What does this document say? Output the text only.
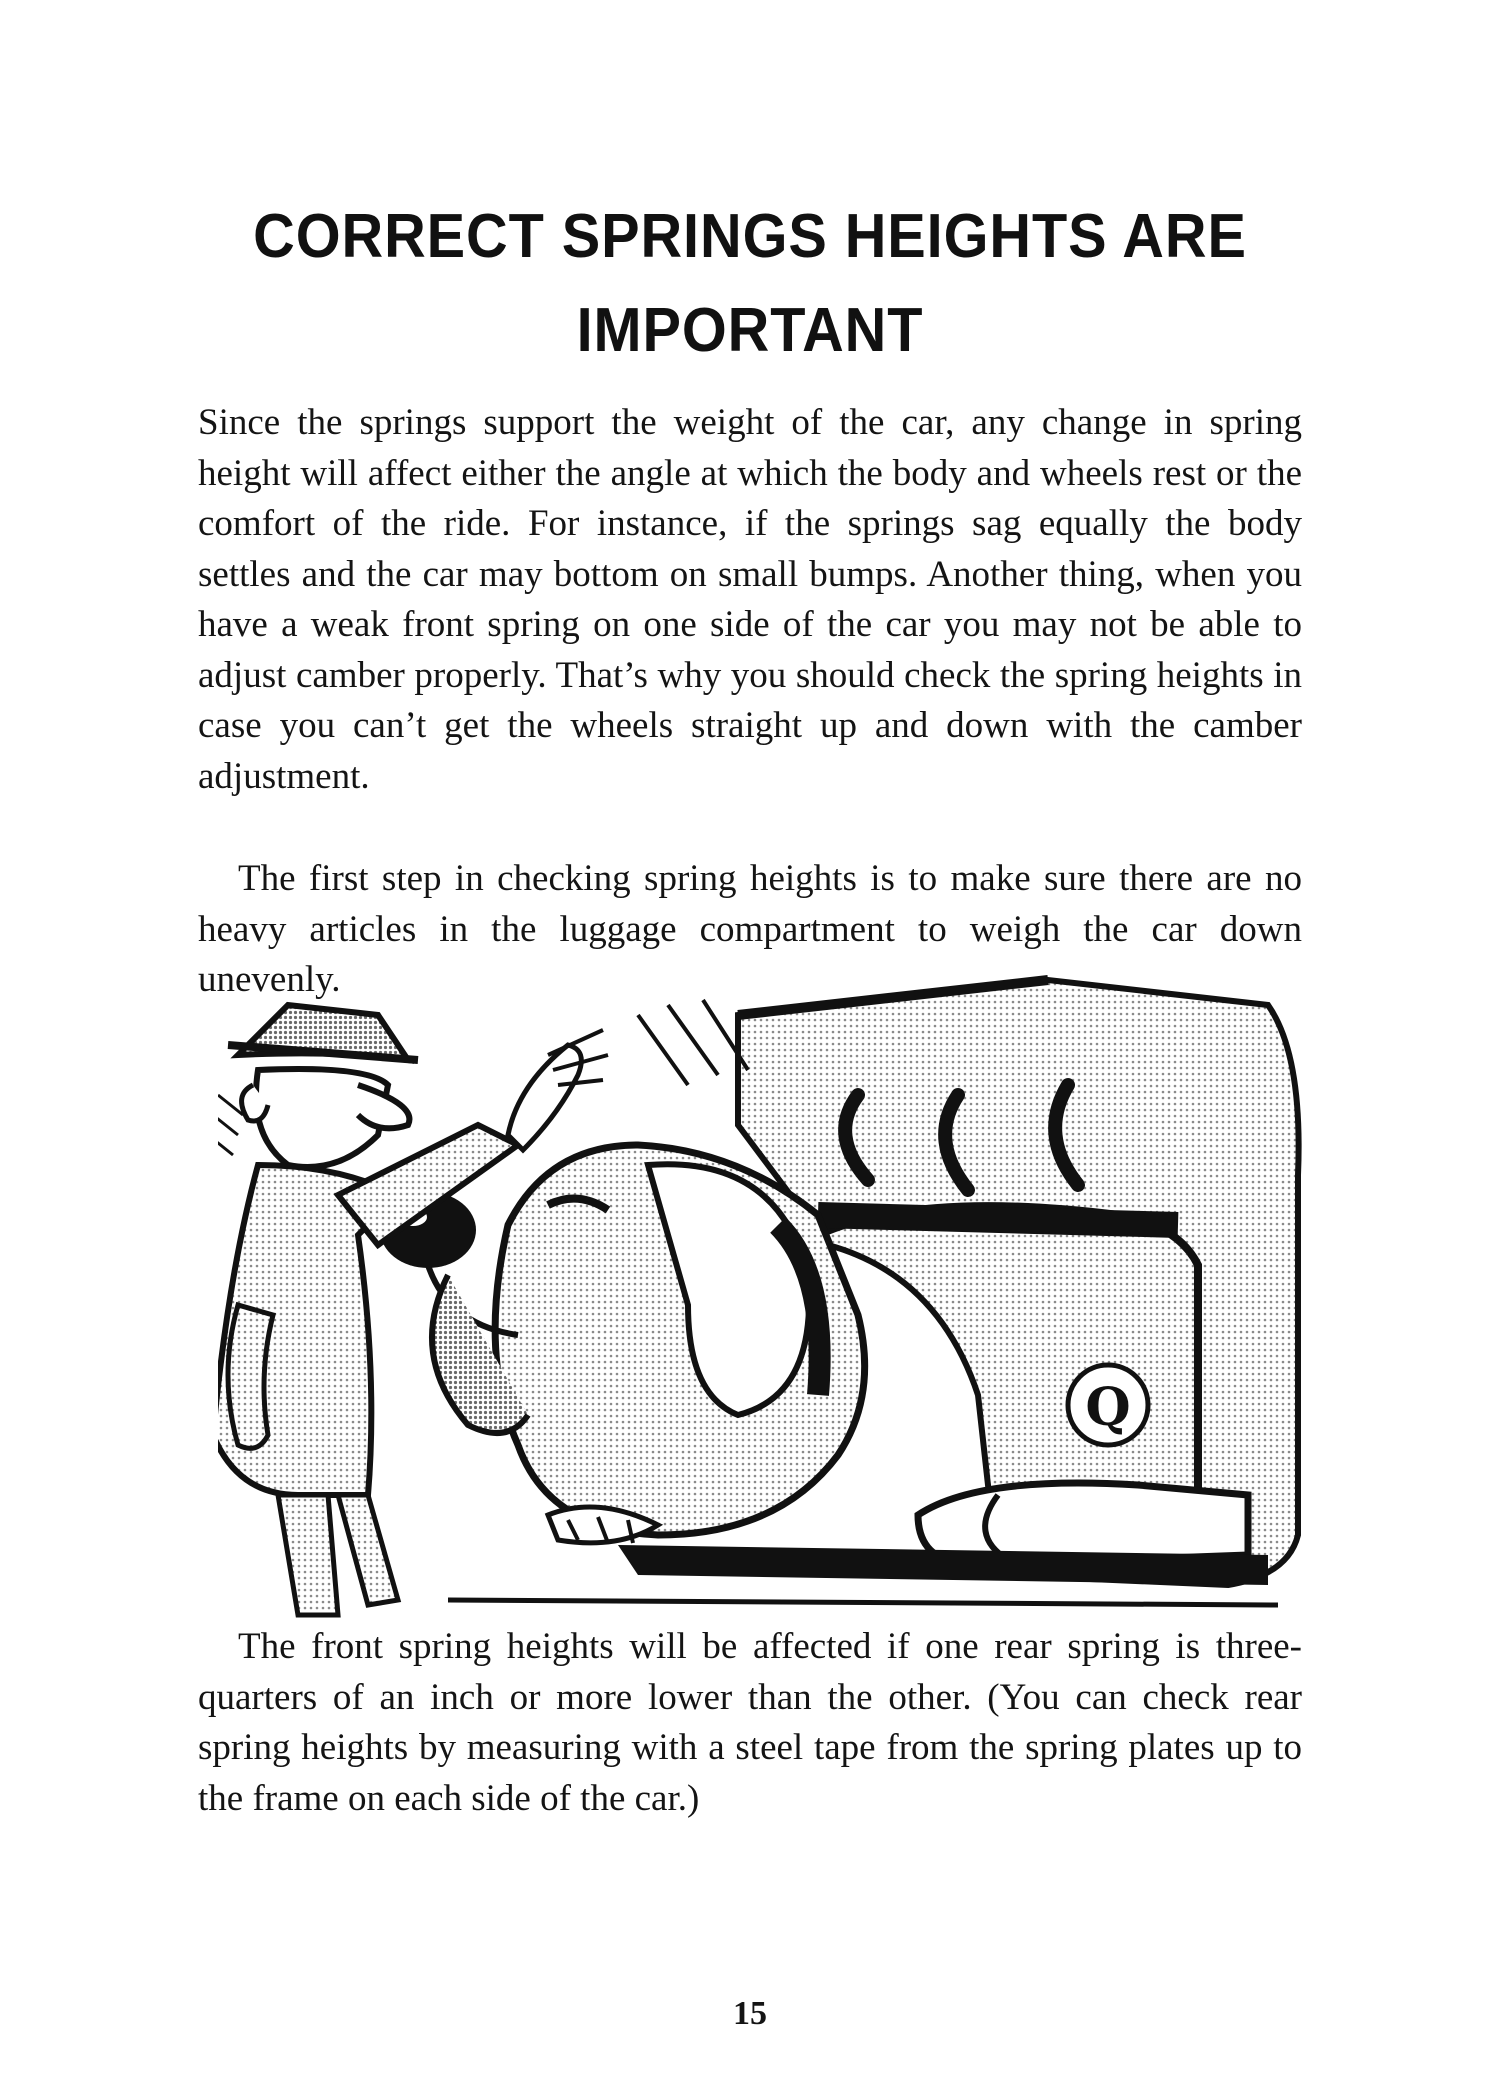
CORRECT SPRINGS HEIGHTS ARE
IMPORTANT

Since the springs support the weight of the car, any change in spring height will affect either the angle at which the body and wheels rest or the comfort of the ride. For instance, if the springs sag equally the body settles and the car may bottom on small bumps. Another thing, when you have a weak front spring on one side of the car you may not be able to adjust camber properly. That’s why you should check the spring heights in case you can’t get the wheels straight up and down with the camber adjustment.

The first step in checking spring heights is to make sure there are no heavy articles in the luggage compartment to weigh the car down unevenly.

Q

The front spring heights will be affected if one rear spring is three-quarters of an inch or more lower than the other. (You can check rear spring heights by measuring with a steel tape from the spring plates up to the frame on each side of the car.)

15
